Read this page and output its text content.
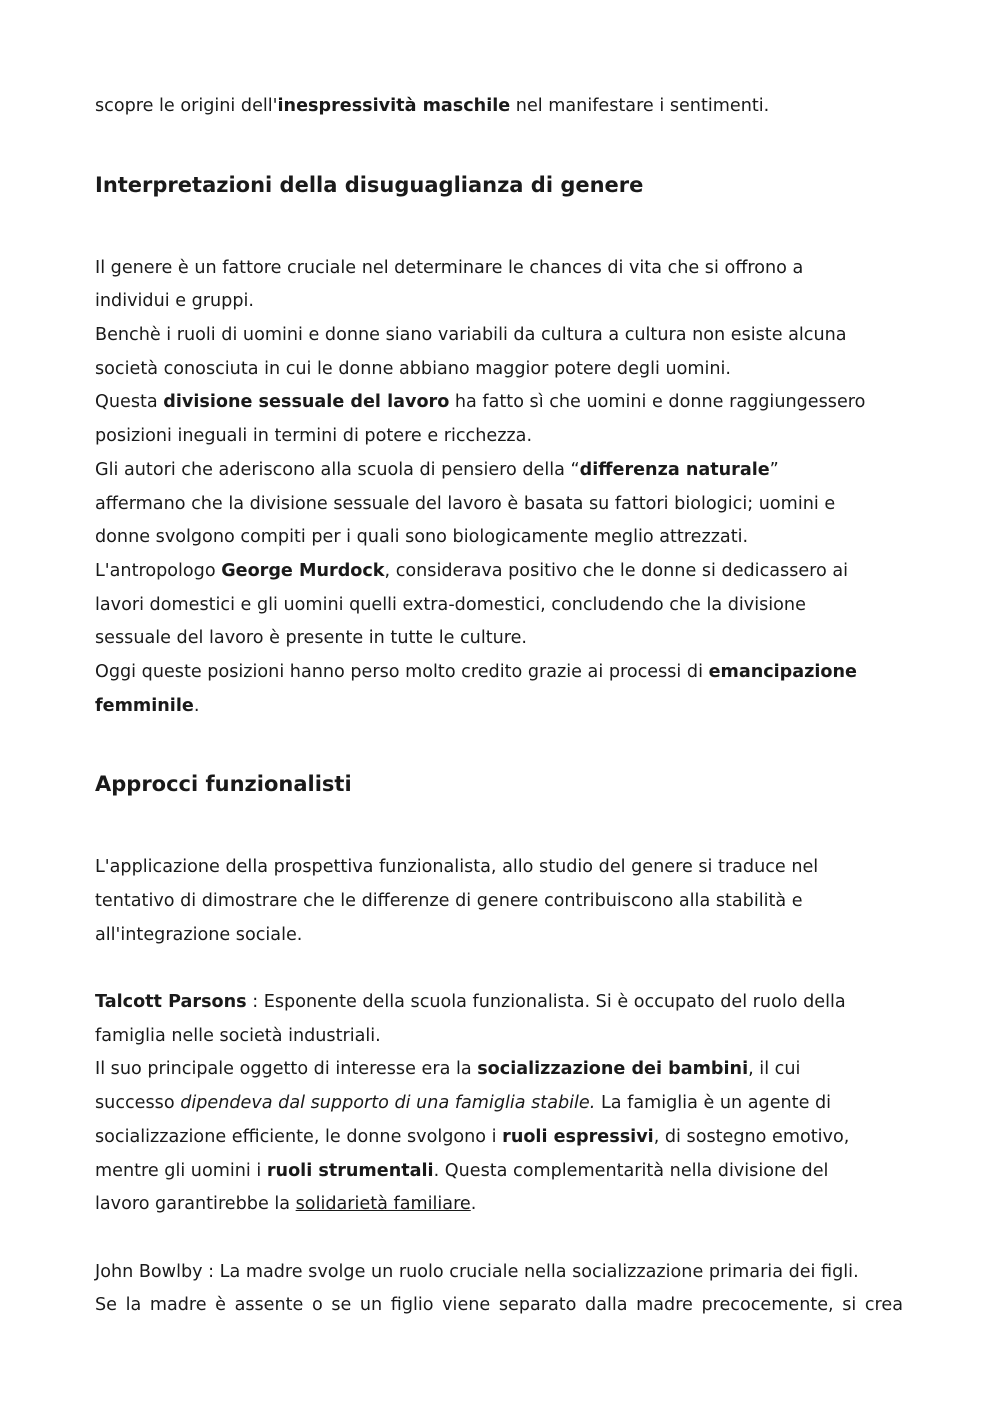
scopre le origini dell'inespressività maschile nel manifestare i sentimenti.
Interpretazioni della disuguaglianza di genere
Il genere è un fattore cruciale nel determinare le chances di vita che si offrono a
individui e gruppi.
Benchè i ruoli di uomini e donne siano variabili da cultura a cultura non esiste alcuna
società conosciuta in cui le donne abbiano maggior potere degli uomini.
Questa divisione sessuale del lavoro ha fatto sì che uomini e donne raggiungessero
posizioni ineguali in termini di potere e ricchezza.
Gli autori che aderiscono alla scuola di pensiero della “differenza naturale”
affermano che la divisione sessuale del lavoro è basata su fattori biologici; uomini e
donne svolgono compiti per i quali sono biologicamente meglio attrezzati.
L'antropologo George Murdock, considerava positivo che le donne si dedicassero ai
lavori domestici e gli uomini quelli extra-domestici, concludendo che la divisione
sessuale del lavoro è presente in tutte le culture.
Oggi queste posizioni hanno perso molto credito grazie ai processi di emancipazione
femminile.
Approcci funzionalisti
L'applicazione della prospettiva funzionalista, allo studio del genere si traduce nel
tentativo di dimostrare che le differenze di genere contribuiscono alla stabilità e
all'integrazione sociale.
Talcott Parsons : Esponente della scuola funzionalista. Si è occupato del ruolo della
famiglia nelle società industriali.
Il suo principale oggetto di interesse era la socializzazione dei bambini, il cui
successo dipendeva dal supporto di una famiglia stabile. La famiglia è un agente di
socializzazione efficiente, le donne svolgono i ruoli espressivi, di sostegno emotivo,
mentre gli uomini i ruoli strumentali. Questa complementarità nella divisione del
lavoro garantirebbe la solidarietà familiare.
John Bowlby : La madre svolge un ruolo cruciale nella socializzazione primaria dei figli.
Se la madre è assente o se un figlio viene separato dalla madre precocemente, si crea
